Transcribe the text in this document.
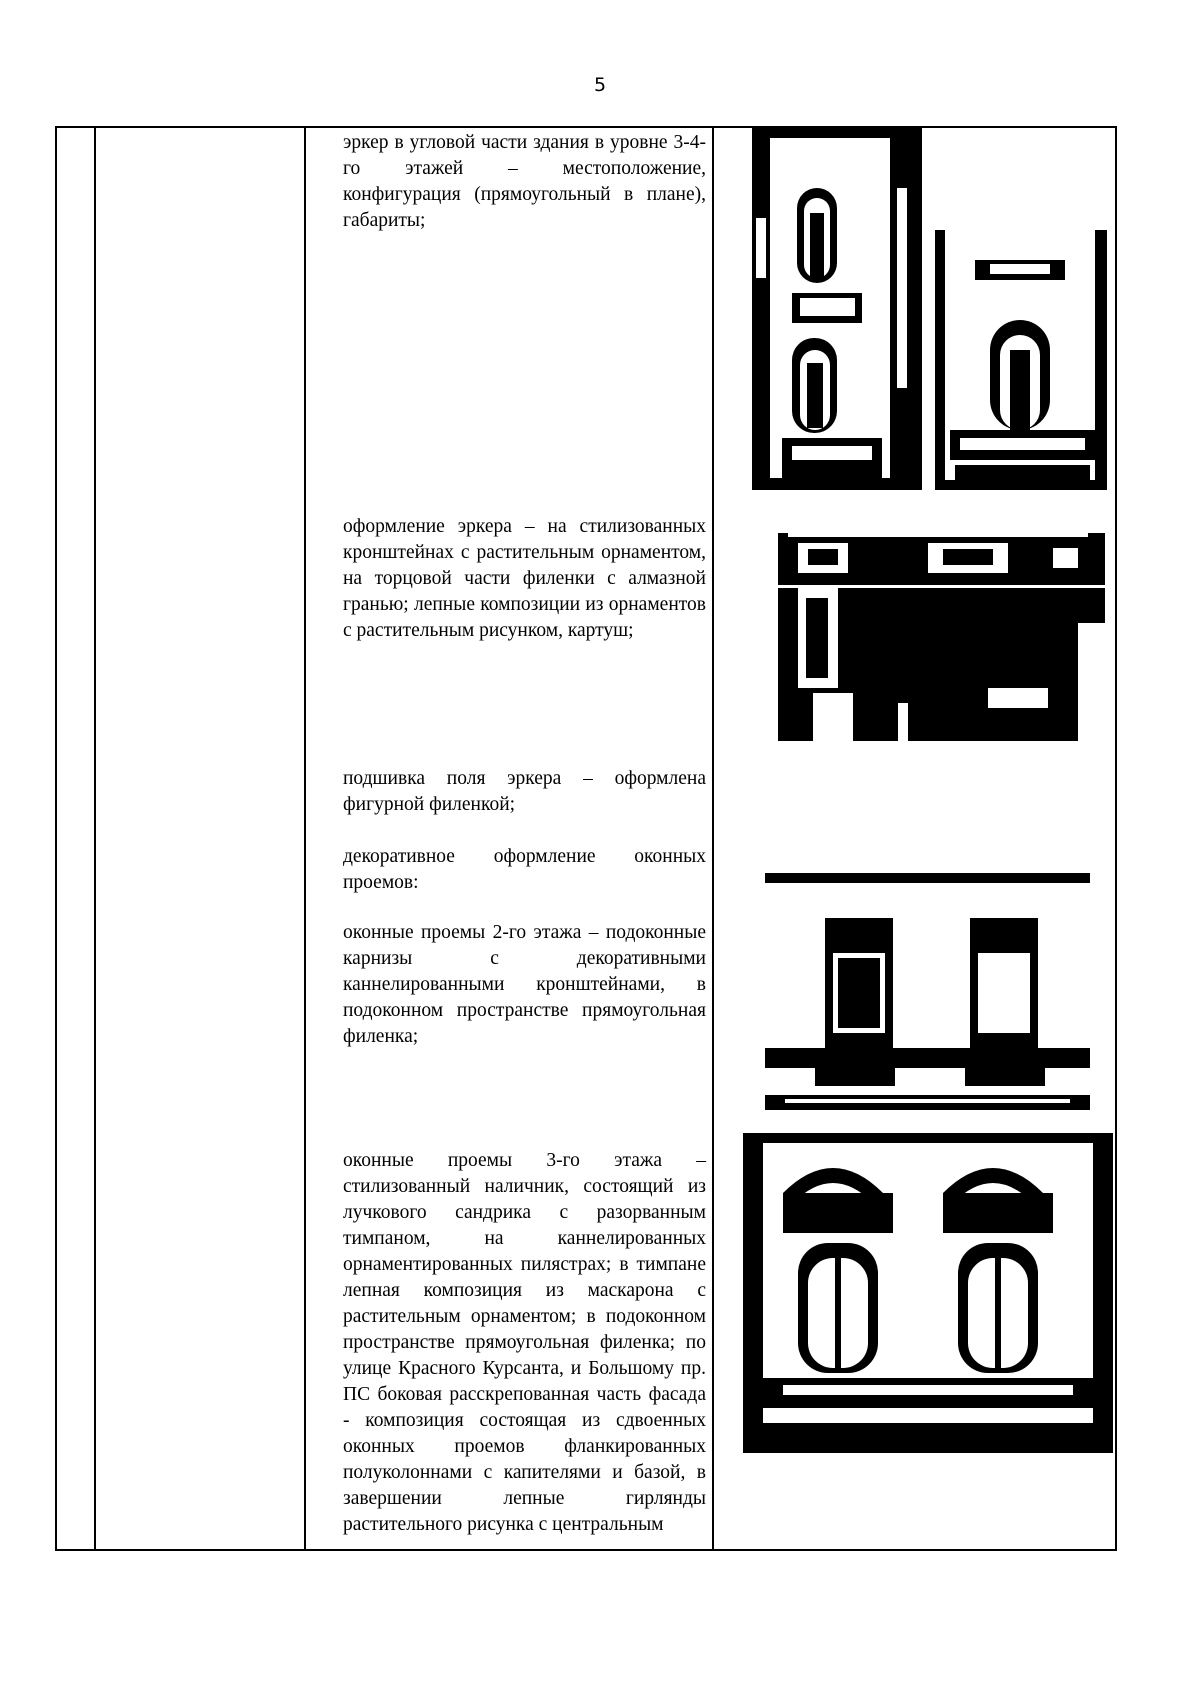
5

эркер в угловой части здания в уровне 3-4-го этажей – местоположение, конфигурация (прямоугольный в плане), габариты;

оформление эркера – на стилизованных кронштейнах с растительным орнаментом, на торцовой части филенки с алмазной гранью; лепные композиции из орнаментов с растительным рисунком, картуш;

подшивка поля эркера – оформлена фигурной филенкой;

декоративное оформление оконных проемов:

оконные проемы 2-го этажа – подоконные карнизы с декоративными каннелированными кронштейнами, в подоконном пространстве прямоугольная филенка;

оконные проемы 3-го этажа – стилизованный наличник, состоящий из лучкового сандрика с разорванным тимпаном, на каннелированных орнаментированных пилястрах; в тимпане лепная композиция из маскарона с растительным орнаментом; в подоконном пространстве прямоугольная филенка; по улице Красного Курсанта, и Большому пр. ПС боковая расскрепованная часть фасада - композиция состоящая из сдвоенных оконных проемов фланкированных полуколоннами с капителями и базой, в завершении лепные гирлянды растительного рисунка с центральным
